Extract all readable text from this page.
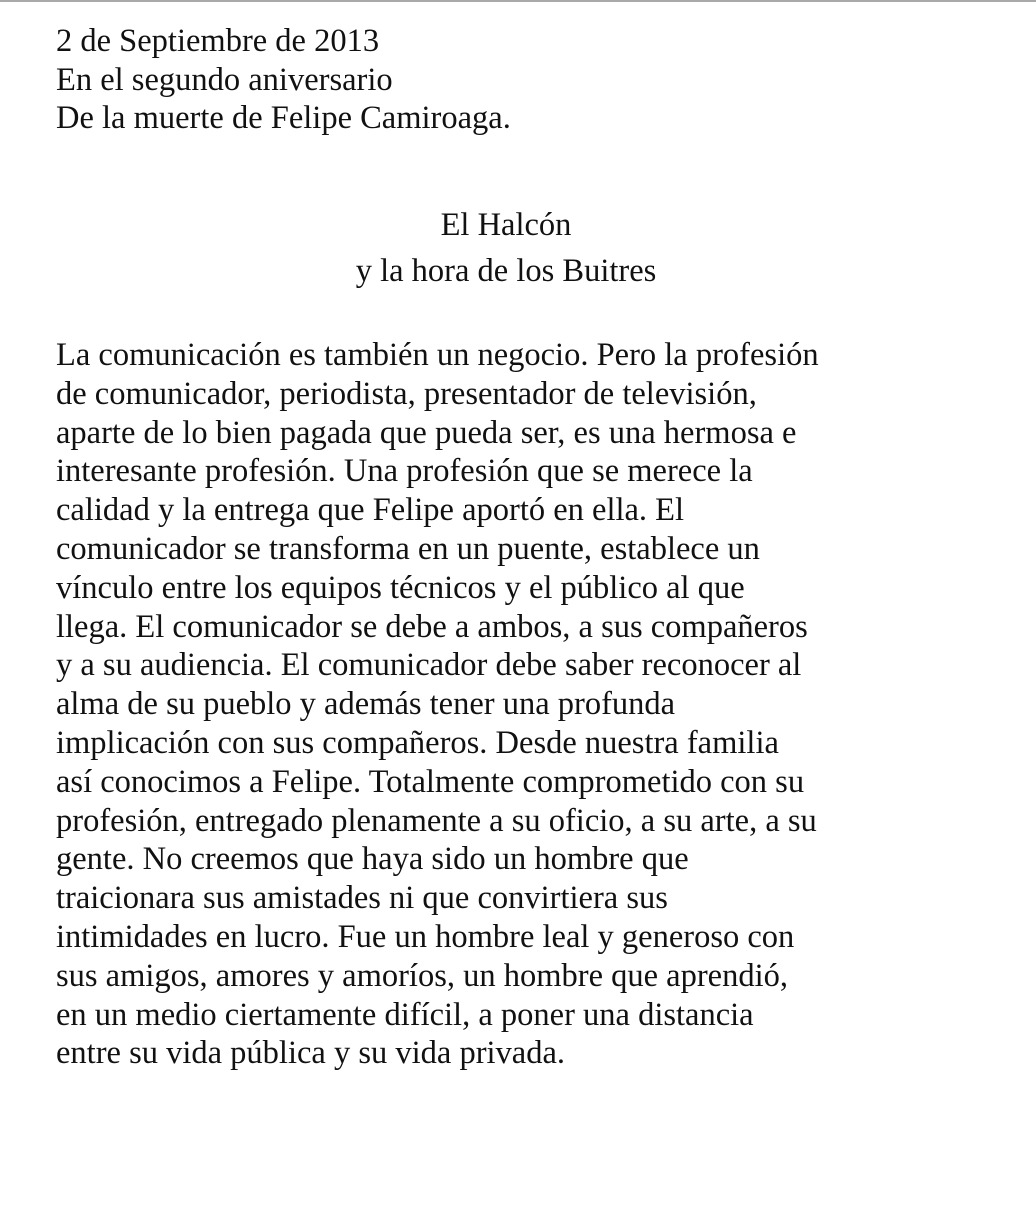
2 de Septiembre de 2013
En el segundo aniversario
De la muerte de Felipe Camiroaga.
El Halcón
y la hora de los Buitres
La comunicación es también un negocio. Pero la profesión
de comunicador, periodista, presentador de televisión,
aparte de lo bien pagada que pueda ser, es una hermosa e
interesante profesión. Una profesión que se merece la
calidad y la entrega que Felipe aportó en ella. El
comunicador se transforma en un puente, establece un
vínculo entre los equipos técnicos y el público al que
llega. El comunicador se debe a ambos, a sus compañeros
y a su audiencia. El comunicador debe saber reconocer al
alma de su pueblo y además tener una profunda
implicación con sus compañeros. Desde nuestra familia
así conocimos a Felipe. Totalmente comprometido con su
profesión, entregado plenamente a su oficio, a su arte, a su
gente. No creemos que haya sido un hombre que
traicionara sus amistades ni que convirtiera sus
intimidades en lucro. Fue un hombre leal y generoso con
sus amigos, amores y amoríos, un hombre que aprendió,
en un medio ciertamente difícil, a poner una distancia
entre su vida pública y su vida privada.
